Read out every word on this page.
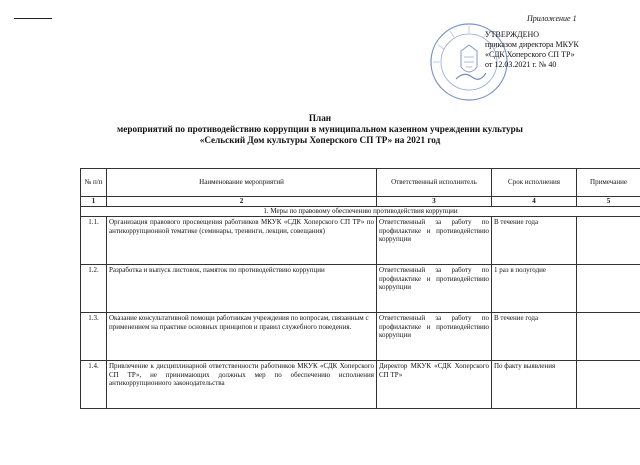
Приложение 1
УТВЕРЖДЕНО
приказом директора МКУК
«СДК Хоперского СП ТР»
от 12.03.2021 г. № 40
План
мероприятий по противодействию коррупции в муниципальном казенном учреждении культуры
«Сельский Дом культуры Хоперского СП ТР» на 2021 год
№ п/п	Наименование мероприятий	Ответственный исполнитель	Срок исполнения	Примечание
1	2	3	4	5
1. Меры по правовому обеспечению противодействия коррупции				
1.1.	Организация правового просвещения работников МКУК «СДК Хоперского СП ТР» по антикоррупционной тематике (семинары, тренинги, лекции, совещания)	Ответственный за работу по профилактике и противодействию коррупции	В течение года	
1.2.	Разработка и выпуск листовок, памяток по противодействию коррупции	Ответственный за работу по профилактике и противодействию коррупции	1 раз в полугодие	
1.3.	Оказание консультативной помощи работникам учреждения по вопросам, связанным с применением на практике основных принципов и правил служебного поведения.	Ответственный за работу по профилактике и противодействию коррупции	В течение года	
1.4.	Привлечение к дисциплинарной ответственности работников МКУК «СДК Хоперского СП ТР», не принимающих должных мер по обеспечению исполнения антикоррупционного законодательства	Директор МКУК «СДК Хоперского СП ТР»	По факту выявления	
